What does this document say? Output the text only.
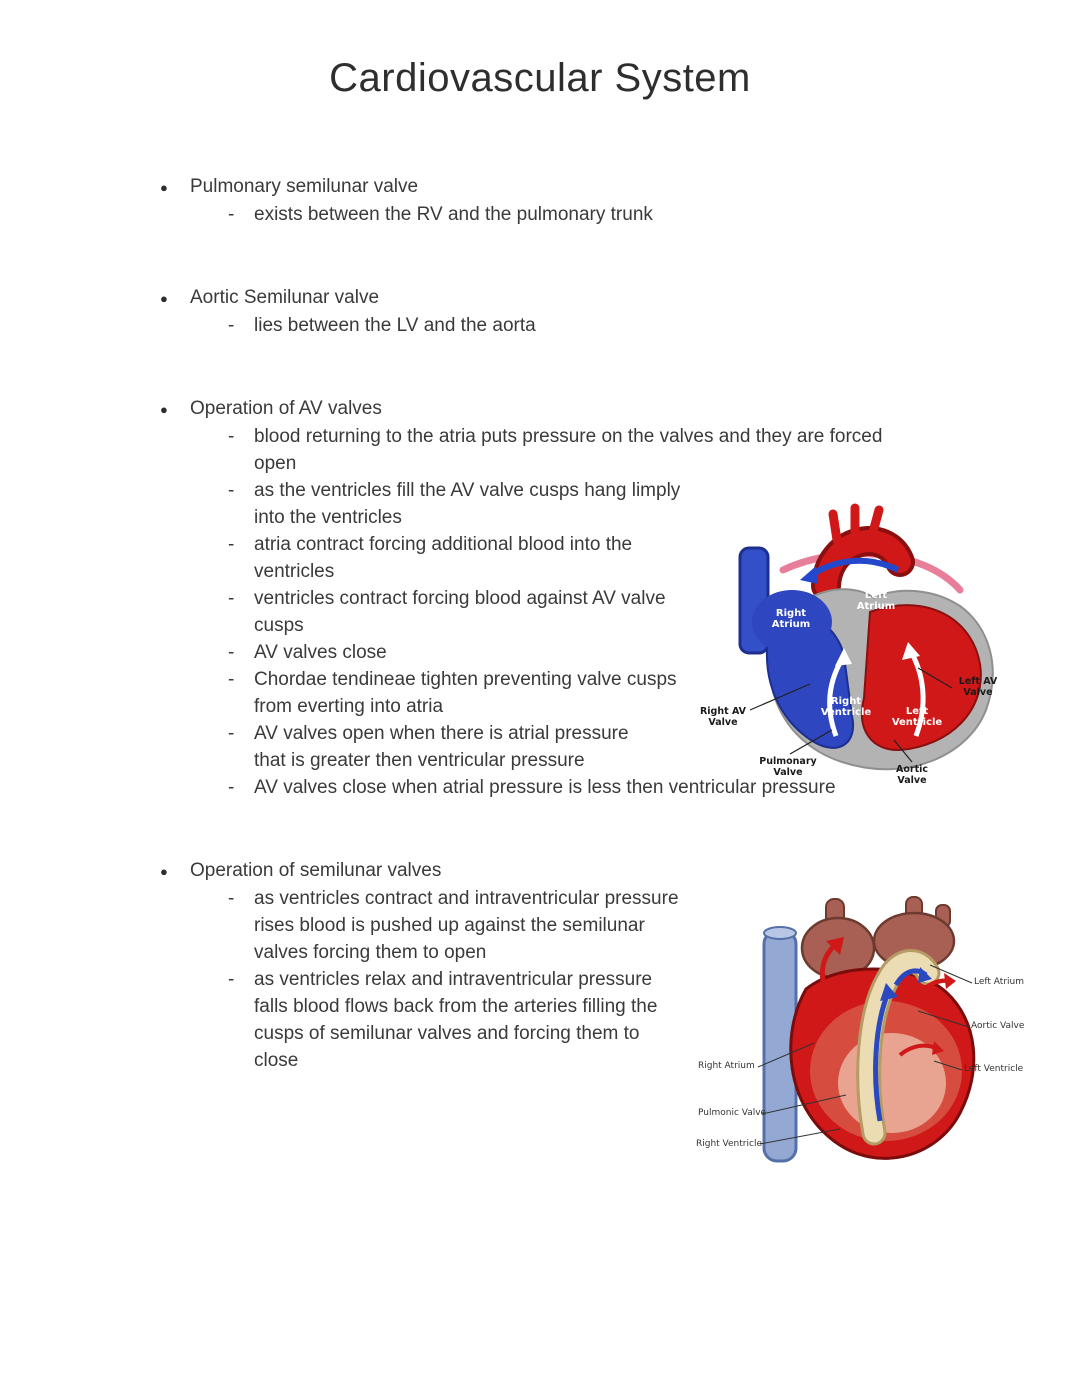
Cardiovascular System
●
Pulmonary semilunar valve
-
exists between the RV and the pulmonary trunk
●
Aortic Semilunar valve
-
lies between the LV and the aorta
●
Operation of AV valves
-
blood returning to the atria puts pressure on the valves and they are forced open
-
as the ventricles fill the AV valve cusps hang limply into the ventricles
-
atria contract forcing additional blood into the ventricles
-
ventricles contract forcing blood against AV valve cusps
-
AV valves close
-
Chordae tendineae tighten preventing valve cusps from everting into atria
-
AV valves open when there is atrial pressure that is greater then ventricular pressure
-
AV valves close when atrial pressure is less then ventricular pressure
●
Operation of semilunar valves
-
as ventricles contract and intraventricular pressure rises blood is pushed up against the semilunar valves forcing them to open
-
as ventricles relax and intraventricular pressure falls blood flows back from the arteries filling the cusps of semilunar valves and forcing them to close
Right Atrium
Left Atrium
Right Ventricle	Left Ventricle
Left AV Valve
Right AV Valve
Pulmonary Valve	Aortic Valve
Left Atrium
Aortic Valve
Left Ventricle
Right Atrium
Pulmonic Valve
Right Ventricle
